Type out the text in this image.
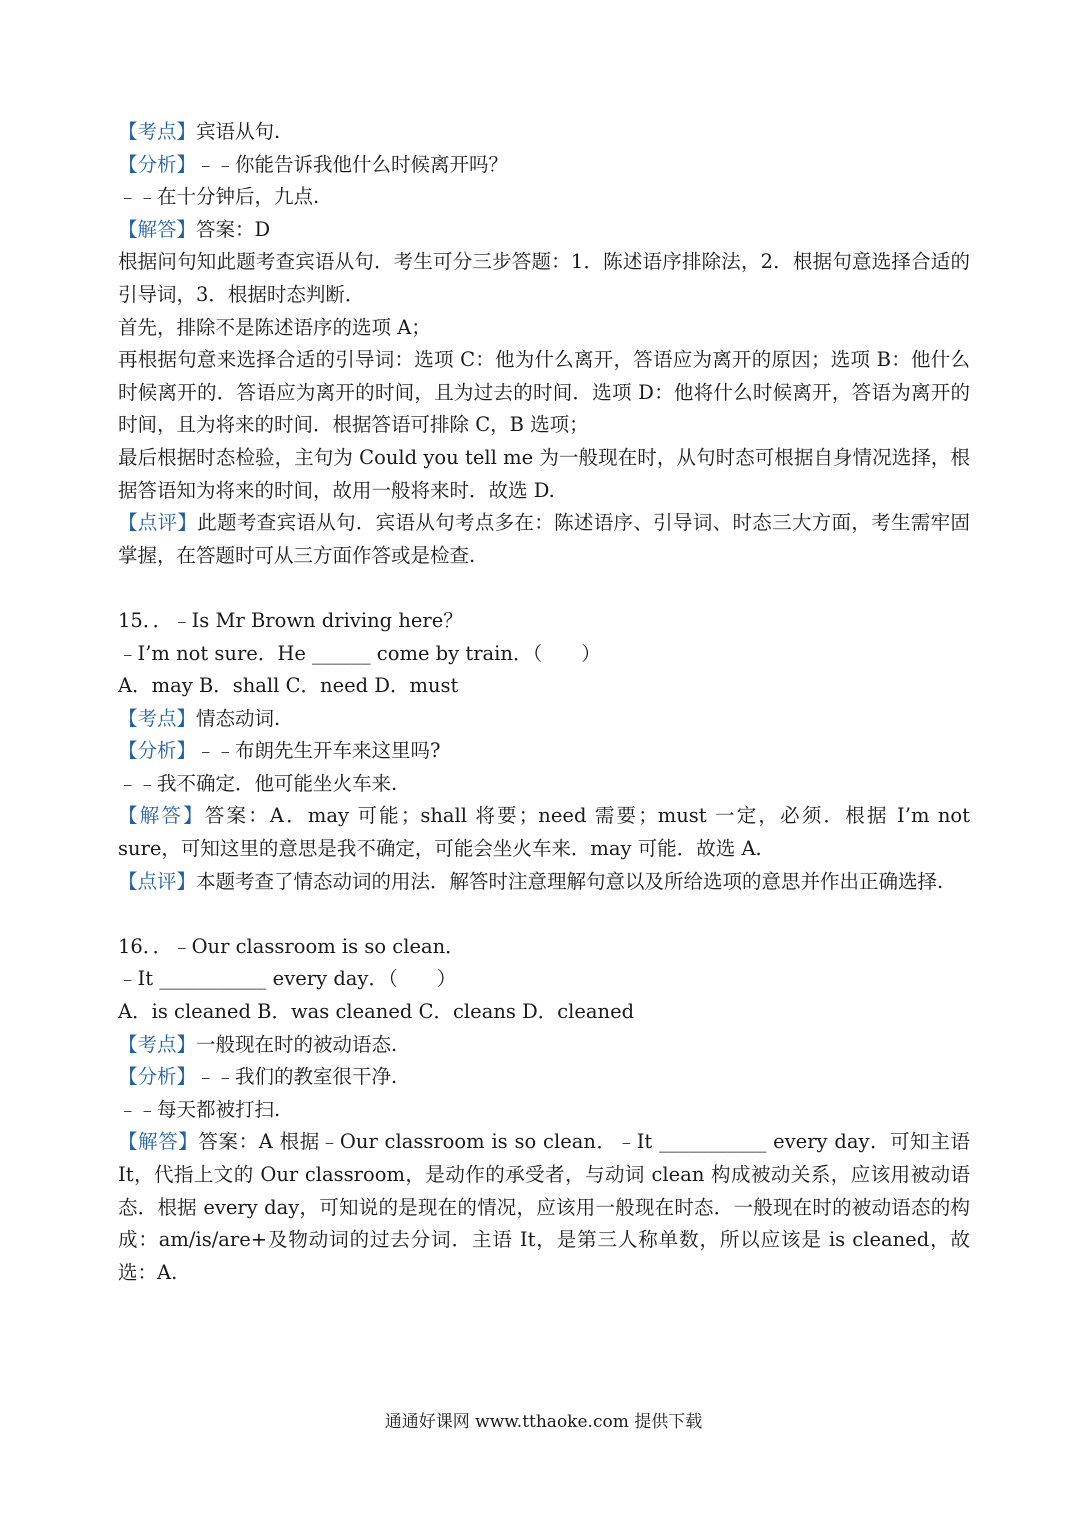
【考点】宾语从句.
【分析】﹣﹣你能告诉我他什么时候离开吗？
﹣﹣在十分钟后，九点.
【解答】答案：D
根据问句知此题考查宾语从句．考生可分三步答题：1．陈述语序排除法，2．根据句意选择合适的引导词，3．根据时态判断．
首先，排除不是陈述语序的选项 A；
再根据句意来选择合适的引导词：选项 C：他为什么离开，答语应为离开的原因；选项 B：他什么时候离开的．答语应为离开的时间，且为过去的时间．选项 D：他将什么时候离开，答语为离开的时间，且为将来的时间．根据答语可排除 C，B 选项；
最后根据时态检验，主句为 Could you tell me 为一般现在时，从句时态可根据自身情况选择，根据答语知为将来的时间，故用一般将来时．故选 D.
【点评】此题考查宾语从句．宾语从句考点多在：陈述语序、引导词、时态三大方面，考生需牢固掌握，在答题时可从三方面作答或是检查.
15．．﹣Is Mr Brown driving here？
﹣I’m not sure．He ______ come by train．（　　）
A．may B．shall C．need D．must
【考点】情态动词.
【分析】﹣﹣布朗先生开车来这里吗?
﹣﹣我不确定．他可能坐火车来.
【解答】答案：A．may 可能；shall 将要；need 需要；must 一定，必须．根据 I’m not sure，可知这里的意思是我不确定，可能会坐火车来．may 可能．故选 A.
【点评】本题考查了情态动词的用法．解答时注意理解句意以及所给选项的意思并作出正确选择.
16．．﹣Our classroom is so clean．
﹣It ___________ every day．（　　）
A．is cleaned B．was cleaned C．cleans D．cleaned
【考点】一般现在时的被动语态.
【分析】﹣﹣我们的教室很干净.
﹣﹣每天都被打扫.
【解答】答案：A 根据﹣Our classroom is so clean．﹣It ___________ every day．可知主语 It，代指上文的 Our classroom，是动作的承受者，与动词 clean 构成被动关系，应该用被动语态．根据 every day，可知说的是现在的情况，应该用一般现在时态．一般现在时的被动语态的构成：am/is/are+及物动词的过去分词．主语 It，是第三人称单数，所以应该是 is cleaned，故选：A.
通通好课网 www.tthaoke.com 提供下载
